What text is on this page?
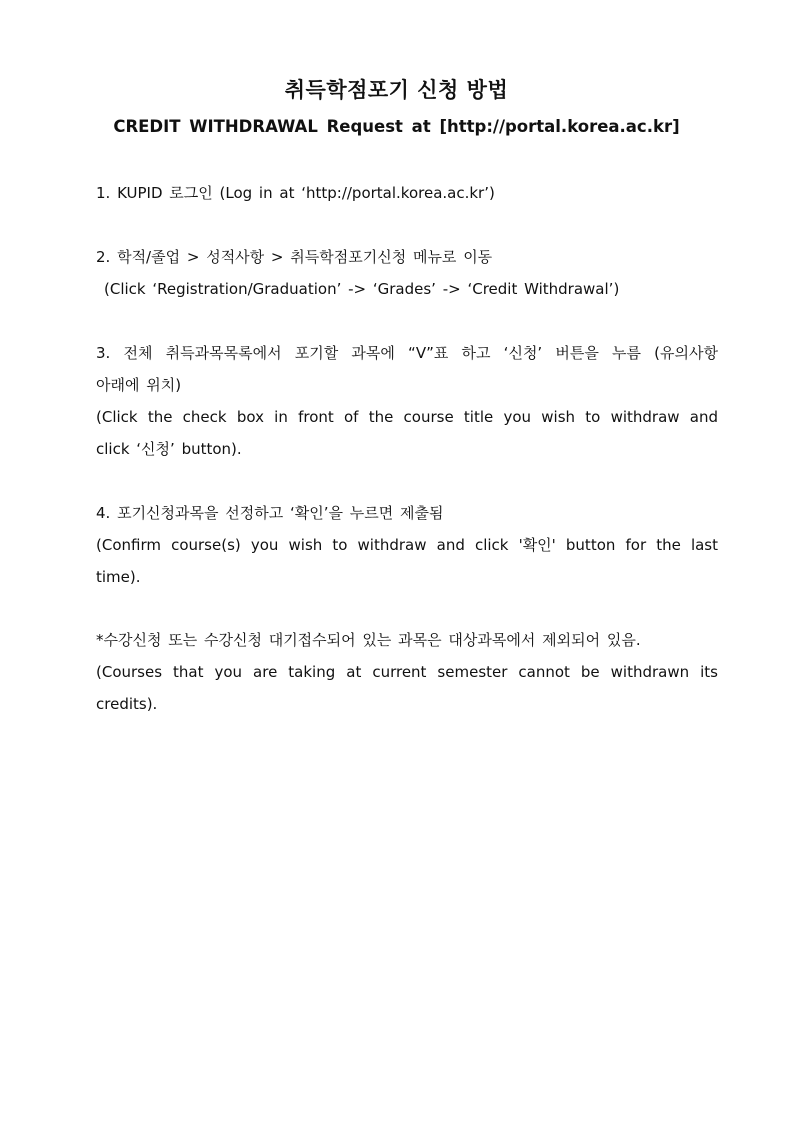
취득학점포기 신청 방법
CREDIT WITHDRAWAL Request at [http://portal.korea.ac.kr]
1. KUPID 로그인 (Log in at ‘http://portal.korea.ac.kr’)
2. 학적/졸업 > 성적사항 > 취득학점포기신청 메뉴로 이동
(Click ‘Registration/Graduation’ -> ‘Grades’ -> ‘Credit Withdrawal’)
3. 전체 취득과목목록에서 포기할 과목에 “V”표 하고 ‘신청’ 버튼을 누름 (유의사항
아래에 위치)
(Click the check box in front of the course title you wish to withdraw and
click ‘신청’ button).
4. 포기신청과목을 선정하고 ‘확인’을 누르면 제출됨
(Confirm course(s) you wish to withdraw and click '확인' button for the last
time).
*수강신청 또는 수강신청 대기접수되어 있는 과목은 대상과목에서 제외되어 있음.
(Courses that you are taking at current semester cannot be withdrawn its
credits).
